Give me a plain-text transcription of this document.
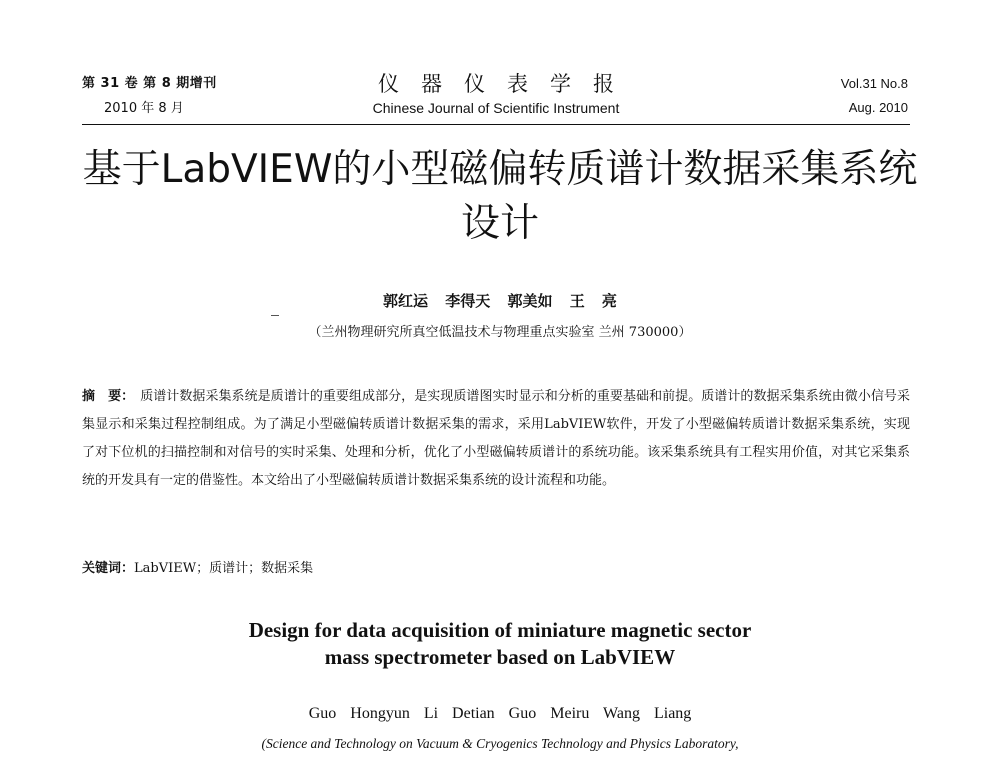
第 31 卷 第 8 期增刊
2010 年 8 月
仪器仪表学报
Chinese Journal of Scientific Instrument
Vol.31 No.8
Aug. 2010
基于LabVIEW的小型磁偏转质谱计数据采集系统
设计
郭红运 李得天 郭美如 王 亮
（兰州物理研究所真空低温技术与物理重点实验室 兰州 730000）
摘　要： 质谱计数据采集系统是质谱计的重要组成部分，是实现质谱图实时显示和分析的重要基础和前提。质谱计的数据采集系统由微小信号采集显示和采集过程控制组成。为了满足小型磁偏转质谱计数据采集的需求，采用LabVIEW软件，开发了小型磁偏转质谱计数据采集系统，实现了对下位机的扫描控制和对信号的实时采集、处理和分析，优化了小型磁偏转质谱计的系统功能。该采集系统具有工程实用价值，对其它采集系统的开发具有一定的借鉴性。本文给出了小型磁偏转质谱计数据采集系统的设计流程和功能。
关键词：LabVIEW；质谱计；数据采集
Design for data acquisition of miniature magnetic sector
mass spectrometer based on LabVIEW
Guo Hongyun Li Detian Guo Meiru Wang Liang
(Science and Technology on Vacuum & Cryogenics Technology and Physics Laboratory,
